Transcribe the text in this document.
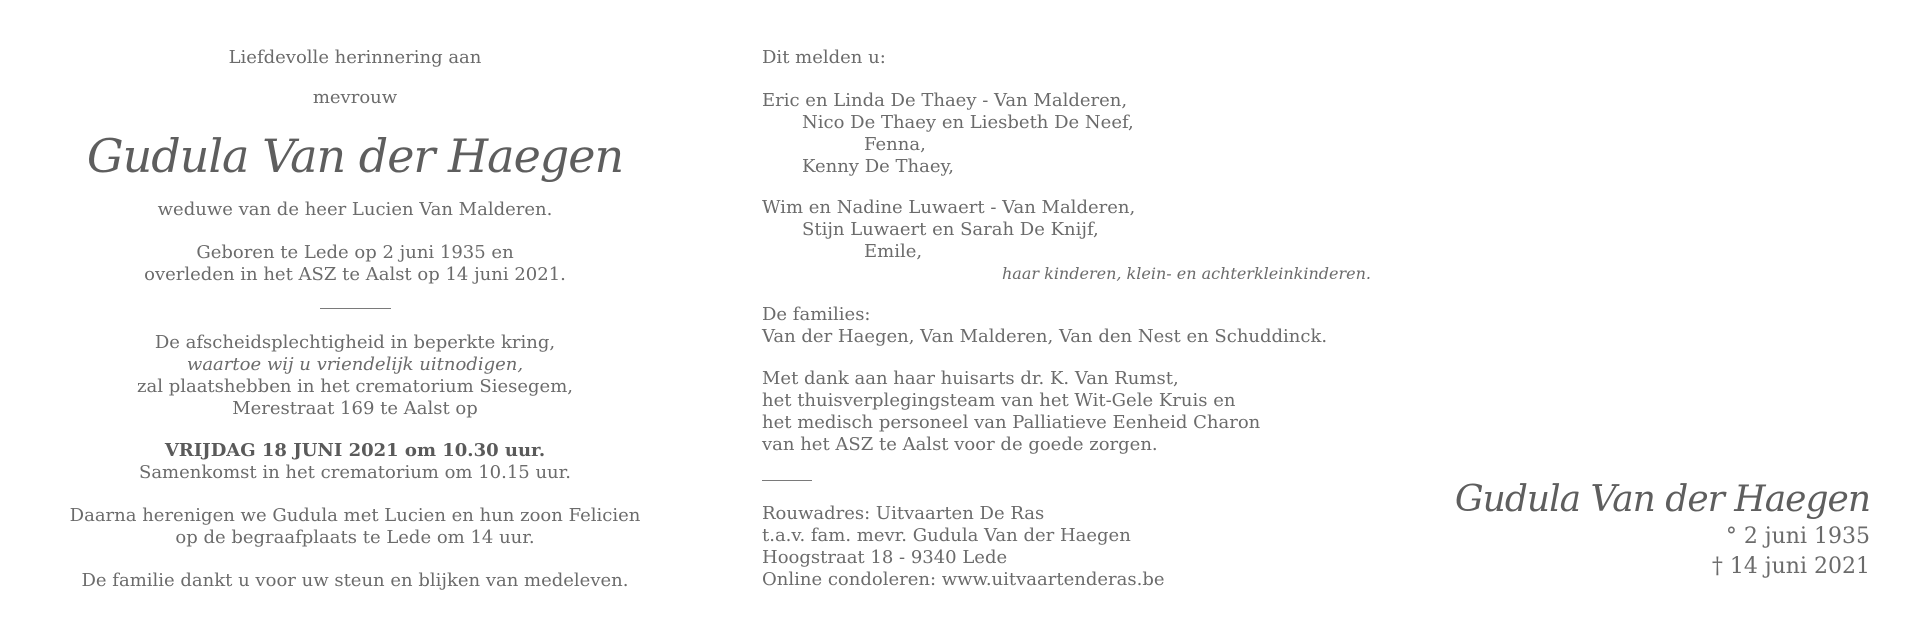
Liefdevolle herinnering aan

mevrouw

weduwe van de heer Lucien Van Malderen.

Geboren te Lede op 2 juni 1935 en

overleden in het ASZ te Aalst op 14 juni 2021.

De afscheidsplechtigheid in beperkte kring,

waartoe wij u vriendelijk uitnodigen,

zal plaatshebben in het crematorium Siesegem,

Merestraat 169 te Aalst op

VRIJDAG 18 JUNI 2021 om 10.30 uur.

Samenkomst in het crematorium om 10.15 uur.

Daarna herenigen we Gudula met Lucien en hun zoon Felicien

op de begraafplaats te Lede om 14 uur.

De familie dankt u voor uw steun en blijken van medeleven.

Gudula Van der Haegen

Dit melden u:

Eric en Linda De Thaey - Van Malderen,

Nico De Thaey en Liesbeth De Neef,

Fenna,

Kenny De Thaey,

Wim en Nadine Luwaert - Van Malderen,

Stijn Luwaert en Sarah De Knijf,

Emile,

haar kinderen, klein- en achterkleinkinderen.

De families:

Van der Haegen, Van Malderen, Van den Nest en Schuddinck.

Met dank aan haar huisarts dr. K. Van Rumst,

het thuisverplegingsteam van het Wit-Gele Kruis en

het medisch personeel van Palliatieve Eenheid Charon

van het ASZ te Aalst voor de goede zorgen.

Rouwadres: Uitvaarten De Ras

t.a.v. fam. mevr. Gudula Van der Haegen

Hoogstraat 18 - 9340 Lede

Online condoleren: www.uitvaartenderas.be

Gudula Van der Haegen
° 2 juni 1935
† 14 juni 2021
